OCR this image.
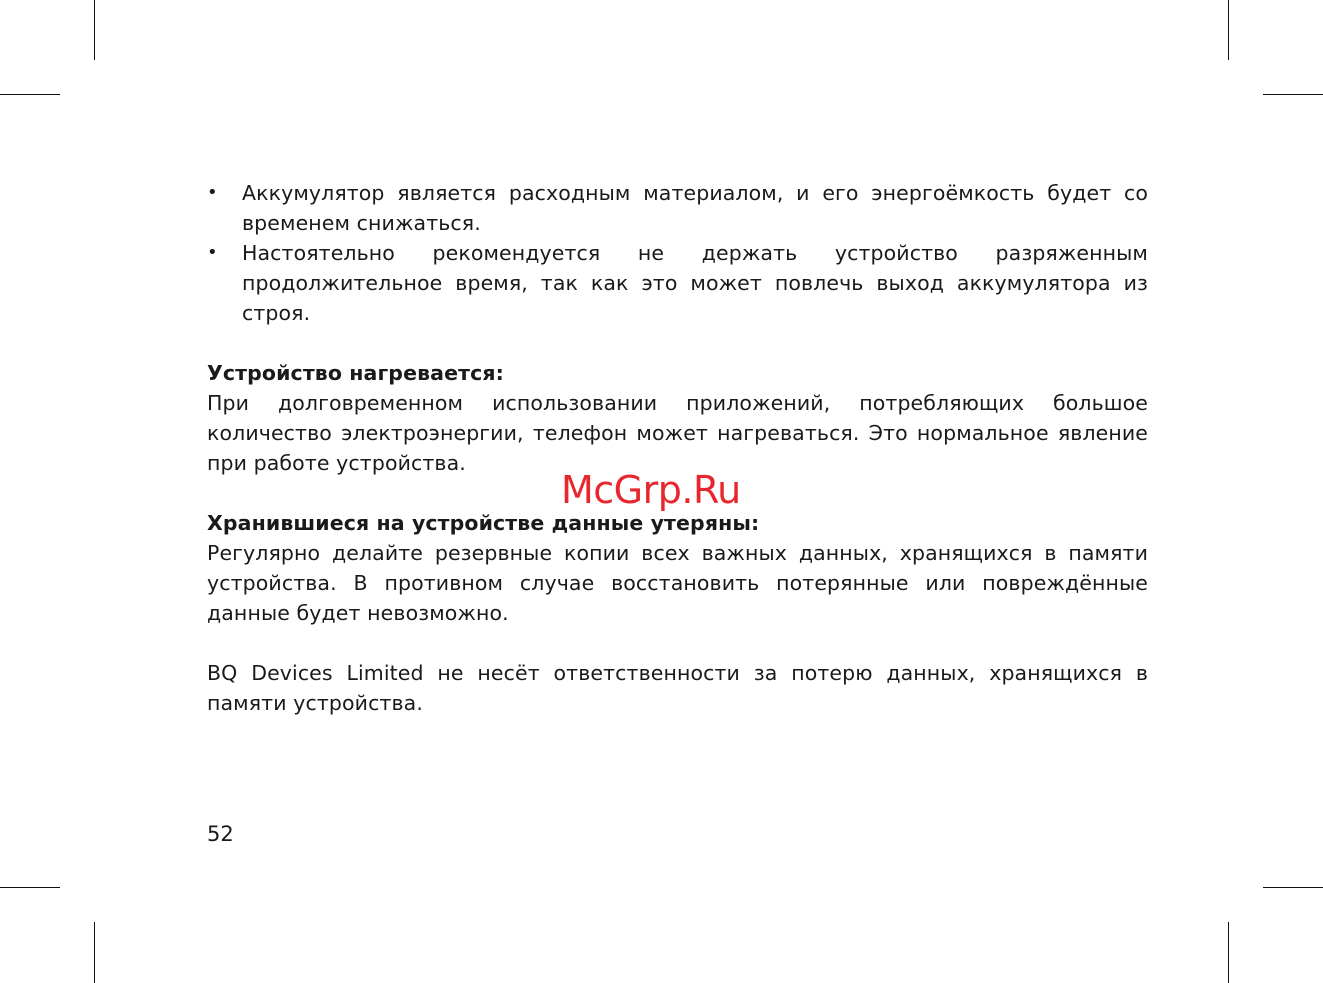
• Аккумулятор является расходным материалом, и его энергоёмкость будет со временем снижаться.
• Настоятельно рекомендуется не держать устройство разряженным продолжительное время, так как это может повлечь выход аккумулятора из строя.
Устройство нагревается:

При долговременном использовании приложений, потребляющих большое количество электроэнергии, телефон может нагреваться. Это нормальное явление при работе устройства.

Хранившиеся на устройстве данные утеряны:

Регулярно делайте резервные копии всех важных данных, хранящихся в памяти устройства. В противном случае восстановить потерянные или повреждённые данные будет невозможно.

BQ Devices Limited не несёт ответственности за потерю данных, хранящихся в памяти устройства.

McGrp.Ru
52
